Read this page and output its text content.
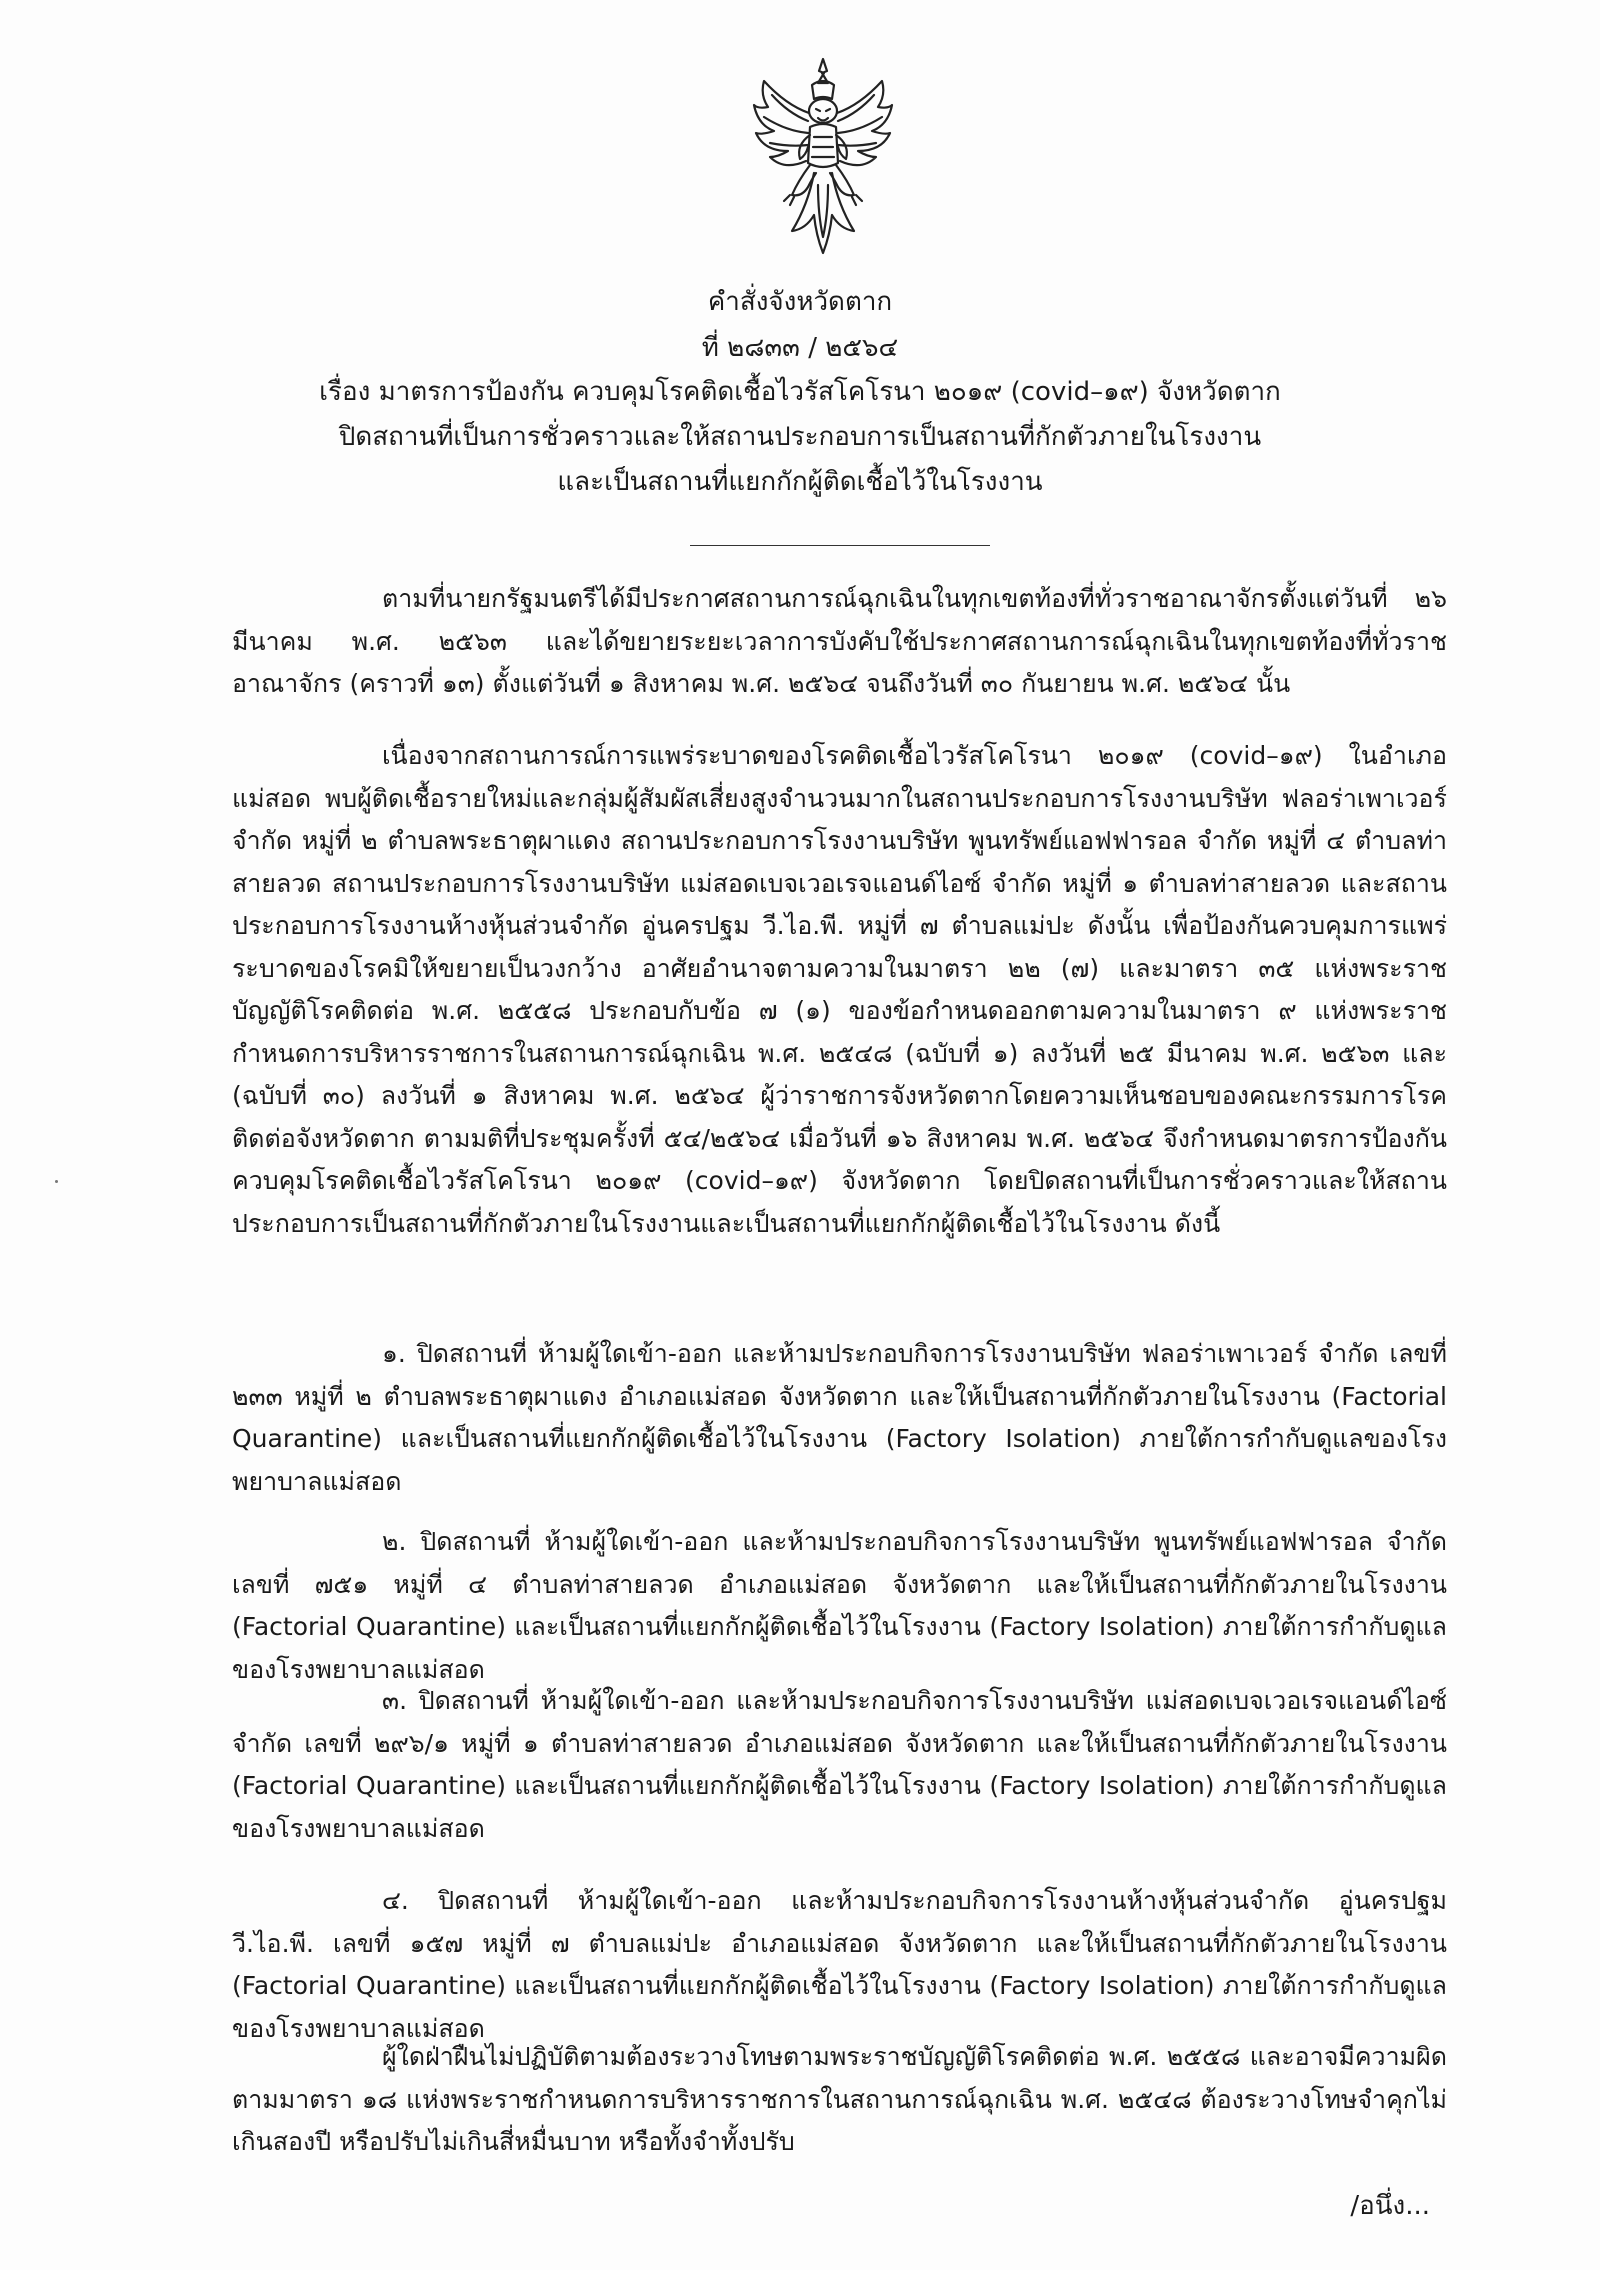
คำสั่งจังหวัดตาก
ที่ ๒๘๓๓ / ๒๕๖๔
เรื่อง มาตรการป้องกัน ควบคุมโรคติดเชื้อไวรัสโคโรนา ๒๐๑๙ (covid–๑๙) จังหวัดตาก
ปิดสถานที่เป็นการชั่วคราวและให้สถานประกอบการเป็นสถานที่กักตัวภายในโรงงาน
และเป็นสถานที่แยกกักผู้ติดเชื้อไว้ในโรงงาน
ตามที่นายกรัฐมนตรีได้มีประกาศสถานการณ์ฉุกเฉินในทุกเขตท้องที่ทั่วราชอาณาจักรตั้งแต่วันที่ ๒๖ มีนาคม พ.ศ. ๒๕๖๓ และได้ขยายระยะเวลาการบังคับใช้ประกาศสถานการณ์ฉุกเฉินในทุกเขตท้องที่ทั่วราชอาณาจักร (คราวที่ ๑๓) ตั้งแต่วันที่ ๑ สิงหาคม พ.ศ. ๒๕๖๔ จนถึงวันที่ ๓๐ กันยายน พ.ศ. ๒๕๖๔ นั้น
เนื่องจากสถานการณ์การแพร่ระบาดของโรคติดเชื้อไวรัสโคโรนา ๒๐๑๙ (covid–๑๙) ในอำเภอแม่สอด พบผู้ติดเชื้อรายใหม่และกลุ่มผู้สัมผัสเสี่ยงสูงจำนวนมากในสถานประกอบการโรงงานบริษัท ฟลอร่าเพาเวอร์ จำกัด หมู่ที่ ๒ ตำบลพระธาตุผาแดง สถานประกอบการโรงงานบริษัท พูนทรัพย์แอฟฟารอล จำกัด หมู่ที่ ๔ ตำบลท่าสายลวด สถานประกอบการโรงงานบริษัท แม่สอดเบจเวอเรจแอนด์ไอซ์ จำกัด หมู่ที่ ๑ ตำบลท่าสายลวด และสถานประกอบการโรงงานห้างหุ้นส่วนจำกัด อู่นครปฐม วี.ไอ.พี. หมู่ที่ ๗ ตำบลแม่ปะ ดังนั้น เพื่อป้องกันควบคุมการแพร่ระบาดของโรคมิให้ขยายเป็นวงกว้าง อาศัยอำนาจตามความในมาตรา ๒๒ (๗) และมาตรา ๓๕ แห่งพระราชบัญญัติโรคติดต่อ พ.ศ. ๒๕๕๘ ประกอบกับข้อ ๗ (๑) ของข้อกำหนดออกตามความในมาตรา ๙ แห่งพระราชกำหนดการบริหารราชการในสถานการณ์ฉุกเฉิน พ.ศ. ๒๕๔๘ (ฉบับที่ ๑) ลงวันที่ ๒๕ มีนาคม พ.ศ. ๒๕๖๓ และ (ฉบับที่ ๓๐) ลงวันที่ ๑ สิงหาคม พ.ศ. ๒๕๖๔ ผู้ว่าราชการจังหวัดตากโดยความเห็นชอบของคณะกรรมการโรคติดต่อจังหวัดตาก ตามมติที่ประชุมครั้งที่ ๕๔/๒๕๖๔ เมื่อวันที่ ๑๖ สิงหาคม พ.ศ. ๒๕๖๔ จึงกำหนดมาตรการป้องกันควบคุมโรคติดเชื้อไวรัสโคโรนา ๒๐๑๙ (covid–๑๙) จังหวัดตาก โดยปิดสถานที่เป็นการชั่วคราวและให้สถานประกอบการเป็นสถานที่กักตัวภายในโรงงานและเป็นสถานที่แยกกักผู้ติดเชื้อไว้ในโรงงาน ดังนี้
๑. ปิดสถานที่ ห้ามผู้ใดเข้า-ออก และห้ามประกอบกิจการโรงงานบริษัท ฟลอร่าเพาเวอร์ จำกัด เลขที่ ๒๓๓ หมู่ที่ ๒ ตำบลพระธาตุผาแดง อำเภอแม่สอด จังหวัดตาก และให้เป็นสถานที่กักตัวภายในโรงงาน (Factorial Quarantine) และเป็นสถานที่แยกกักผู้ติดเชื้อไว้ในโรงงาน (Factory Isolation) ภายใต้การกำกับดูแลของโรงพยาบาลแม่สอด
๒. ปิดสถานที่ ห้ามผู้ใดเข้า-ออก และห้ามประกอบกิจการโรงงานบริษัท พูนทรัพย์แอฟฟารอล จำกัด เลขที่ ๗๕๑ หมู่ที่ ๔ ตำบลท่าสายลวด อำเภอแม่สอด จังหวัดตาก และให้เป็นสถานที่กักตัวภายในโรงงาน (Factorial Quarantine) และเป็นสถานที่แยกกักผู้ติดเชื้อไว้ในโรงงาน (Factory Isolation) ภายใต้การกำกับดูแลของโรงพยาบาลแม่สอด
๓. ปิดสถานที่ ห้ามผู้ใดเข้า-ออก และห้ามประกอบกิจการโรงงานบริษัท แม่สอดเบจเวอเรจแอนด์ไอซ์ จำกัด เลขที่ ๒๙๖/๑ หมู่ที่ ๑ ตำบลท่าสายลวด อำเภอแม่สอด จังหวัดตาก และให้เป็นสถานที่กักตัวภายในโรงงาน (Factorial Quarantine) และเป็นสถานที่แยกกักผู้ติดเชื้อไว้ในโรงงาน (Factory Isolation) ภายใต้การกำกับดูแลของโรงพยาบาลแม่สอด
๔. ปิดสถานที่ ห้ามผู้ใดเข้า-ออก และห้ามประกอบกิจการโรงงานห้างหุ้นส่วนจำกัด อู่นครปฐม วี.ไอ.พี. เลขที่ ๑๕๗ หมู่ที่ ๗ ตำบลแม่ปะ อำเภอแม่สอด จังหวัดตาก และให้เป็นสถานที่กักตัวภายในโรงงาน (Factorial Quarantine) และเป็นสถานที่แยกกักผู้ติดเชื้อไว้ในโรงงาน (Factory Isolation) ภายใต้การกำกับดูแลของโรงพยาบาลแม่สอด
ผู้ใดฝ่าฝืนไม่ปฏิบัติตามต้องระวางโทษตามพระราชบัญญัติโรคติดต่อ พ.ศ. ๒๕๕๘ และอาจมีความผิดตามมาตรา ๑๘ แห่งพระราชกำหนดการบริหารราชการในสถานการณ์ฉุกเฉิน พ.ศ. ๒๕๔๘ ต้องระวางโทษจำคุกไม่เกินสองปี หรือปรับไม่เกินสี่หมื่นบาท หรือทั้งจำทั้งปรับ
/อนึ่ง...
